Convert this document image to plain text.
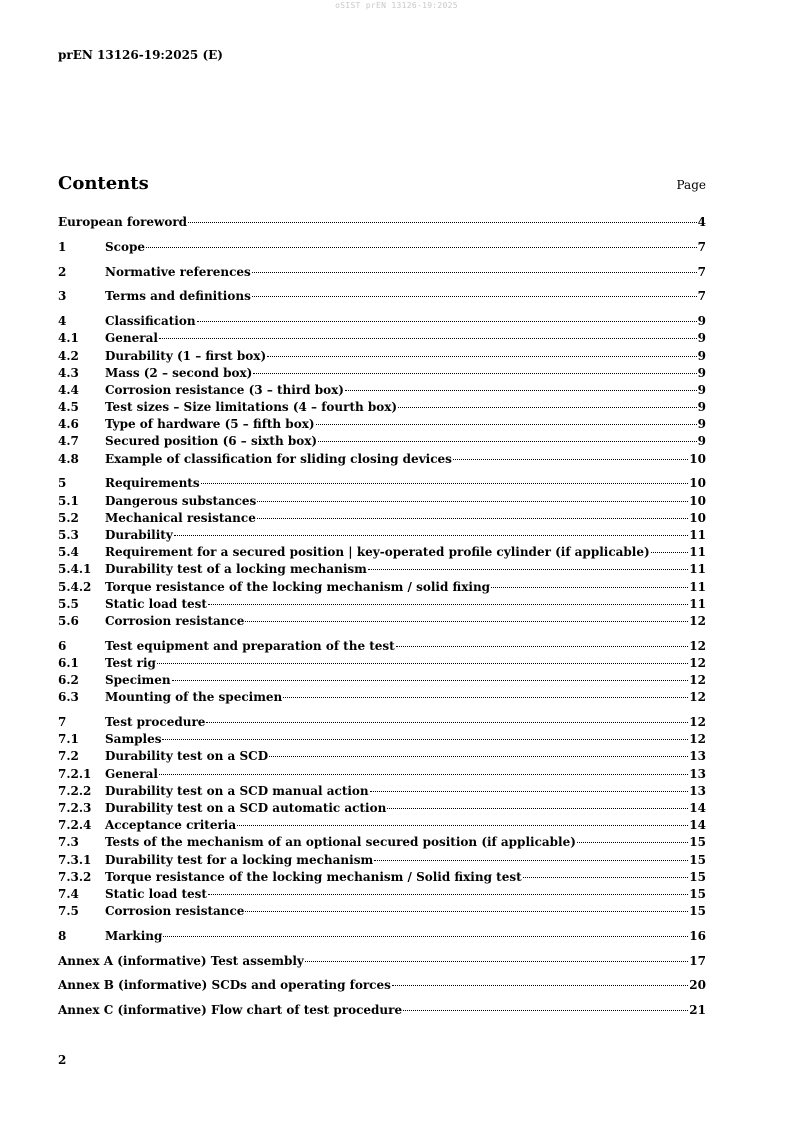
oSIST prEN 13126-19:2025
prEN 13126-19:2025 (E)
Contents	Page
European foreword	4
1	Scope	7
2	Normative references	7
3	Terms and definitions	7
4	Classification	9
4.1	General	9
4.2	Durability (1 – first box)	9
4.3	Mass (2 – second box)	9
4.4	Corrosion resistance (3 – third box)	9
4.5	Test sizes – Size limitations (4 – fourth box)	9
4.6	Type of hardware (5 – fifth box)	9
4.7	Secured position (6 – sixth box)	9
4.8	Example of classification for sliding closing devices	10
5	Requirements	10
5.1	Dangerous substances	10
5.2	Mechanical resistance	10
5.3	Durability	11
5.4	Requirement for a secured position | key-operated profile cylinder (if applicable)	11
5.4.1	Durability test of a locking mechanism	11
5.4.2	Torque resistance of the locking mechanism / solid fixing	11
5.5	Static load test	11
5.6	Corrosion resistance	12
6	Test equipment and preparation of the test	12
6.1	Test rig	12
6.2	Specimen	12
6.3	Mounting of the specimen	12
7	Test procedure	12
7.1	Samples	12
7.2	Durability test on a SCD	13
7.2.1	General	13
7.2.2	Durability test on a SCD manual action	13
7.2.3	Durability test on a SCD automatic action	14
7.2.4	Acceptance criteria	14
7.3	Tests of the mechanism of an optional secured position (if applicable)	15
7.3.1	Durability test for a locking mechanism	15
7.3.2	Torque resistance of the locking mechanism / Solid fixing test	15
7.4	Static load test	15
7.5	Corrosion resistance	15
8	Marking	16
Annex A (informative) Test assembly	17
Annex B (informative) SCDs and operating forces	20
Annex C (informative) Flow chart of test procedure	21
2
